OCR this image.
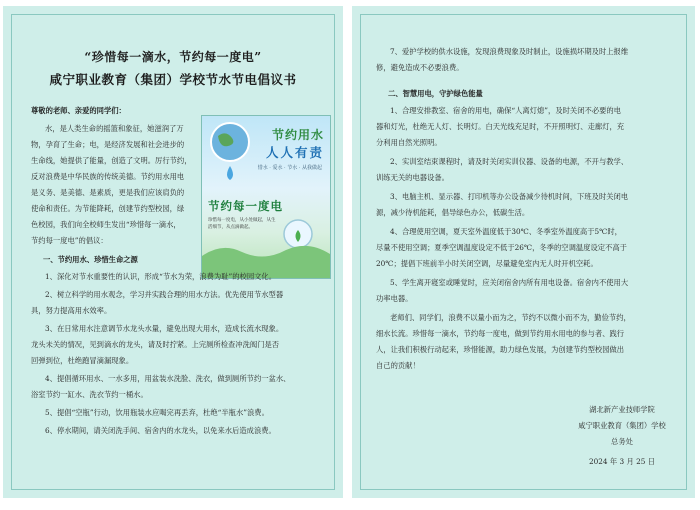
“珍惜每一滴水，节约每一度电”
咸宁职业教育（集团）学校节水节电倡议书
尊敬的老师、亲爱的同学们：
水，是人类生命的摇篮和象征，她滋润了万
物，孕育了生命；电，是经济发展和社会进步的
生命线，她提供了能量，创造了文明。厉行节约，
反对浪费是中华民族的传统美德。节约用水用电
是义务、是美德、是素质，更是我们应该肩负的
使命和责任。为节能降耗，创建节约型校园，绿
色校园，我们向全校师生发出“珍惜每一滴水，
节约每一度电”的倡议：
节约用水
人人有责
惜水 · 爱水 · 节水 · 从我做起
节约每一度电
珍惜每一度电，从小处做起，从生活细节，从点滴做起。
一、节约用水、珍惜生命之源
1、深化对节水重要性的认识，形成“节水为荣，浪费为耻”的校园文化。
2、树立科学的用水观念，学习并实践合理的用水方法。优先使用节水型器
具，努力提高用水效率。
3、在日常用水注意调节水龙头水量，避免出现大用水，造成长流水现象。
龙头未关的情况，见到滴水的龙头，请及时拧紧。上完厕所检查冲洗阀门是否
回弹到位，杜绝跑冒滴漏现象。
4、提倡循环用水、一水多用，用盆装水洗脸、洗衣，做到厕所节约一盆水、
浴室节约一缸水、洗衣节约一桶水。
5、提倡“空瓶”行动，饮用瓶装水应喝完再丢弃，杜绝“半瓶水”浪费。
6、停水期间，请关闭洗手间、宿舍内的水龙头，以免来水后造成浪费。
7、爱护学校的供水设施，发现浪费现象及时制止，设施损坏期及时上报维
修，避免造成不必要浪费。
二、智慧用电，守护绿色能量
1、合理安排教室、宿舍的用电，确保“人离灯熄”，及时关闭不必要的电
器和灯光，杜绝无人灯、长明灯。白天光线充足时，不开照明灯、走廊灯，充
分利用自然光照明。
2、实训室结束课程时，请及时关闭实训仪器、设备的电源，不开与教学、
训练无关的电器设备。
3、电脑主机、显示器、打印机等办公设备减少待机时间，下班及时关闭电
源，减少待机能耗，倡导绿色办公，低碳生活。
4、合理使用空调，夏天室外温度低于30℃、冬季室外温度高于5℃时，
尽量不使用空调；夏季空调温度设定不低于26℃，冬季的空调温度设定不高于
20℃；提倡下班前半小时关闭空调，尽量避免室内无人时开机空耗。
5、学生离开寝室或睡觉时，应关闭宿舍内所有用电设备。宿舍内不使用大
功率电器。
老师们、同学们，浪费不以量小而为之，节约不以微小而不为，勤俭节约，
细水长流。珍惜每一滴水，节约每一度电，做到节约用水用电的参与者、践行
人，让我们积极行动起来，珍惜能源，助力绿色发展，为创建节约型校园做出
自己的贡献！
湖北新产业技师学院
咸宁职业教育（集团）学校
总务处
2024 年 3 月 25 日
